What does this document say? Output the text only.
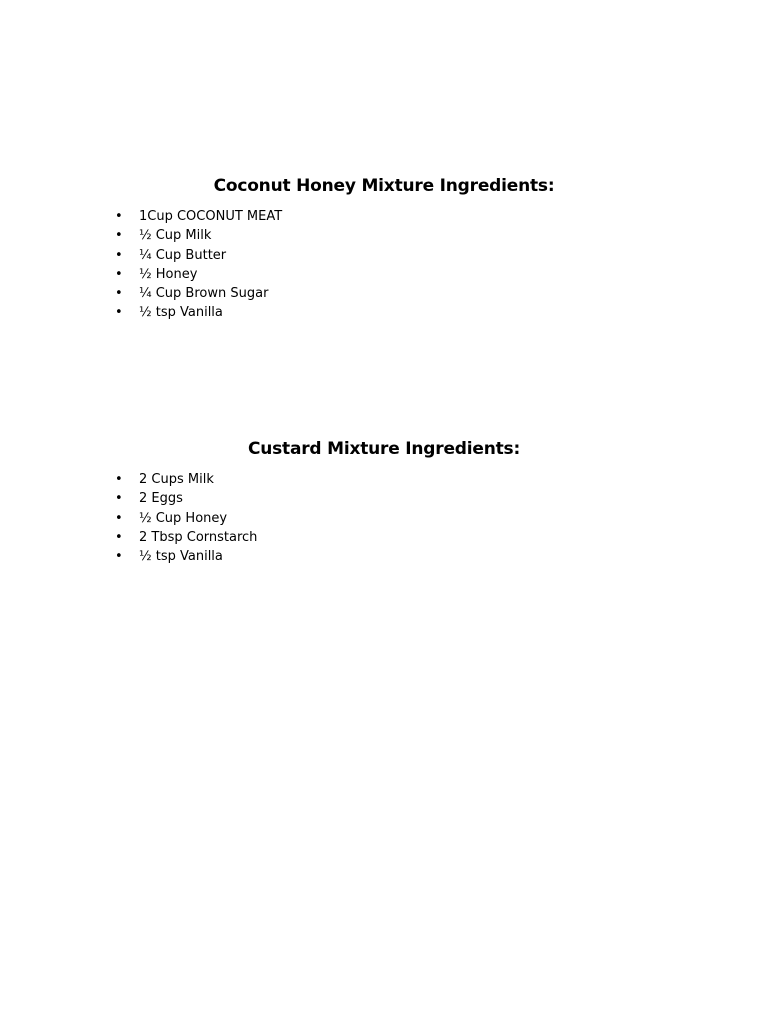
Coconut Honey Mixture Ingredients:
• 1Cup COCONUT MEAT
• ½ Cup Milk
• ¼ Cup Butter
• ½ Honey
• ¼ Cup Brown Sugar
• ½ tsp Vanilla
Custard Mixture Ingredients:
• 2 Cups Milk
• 2 Eggs
• ½ Cup Honey
• 2 Tbsp Cornstarch
• ½ tsp Vanilla
